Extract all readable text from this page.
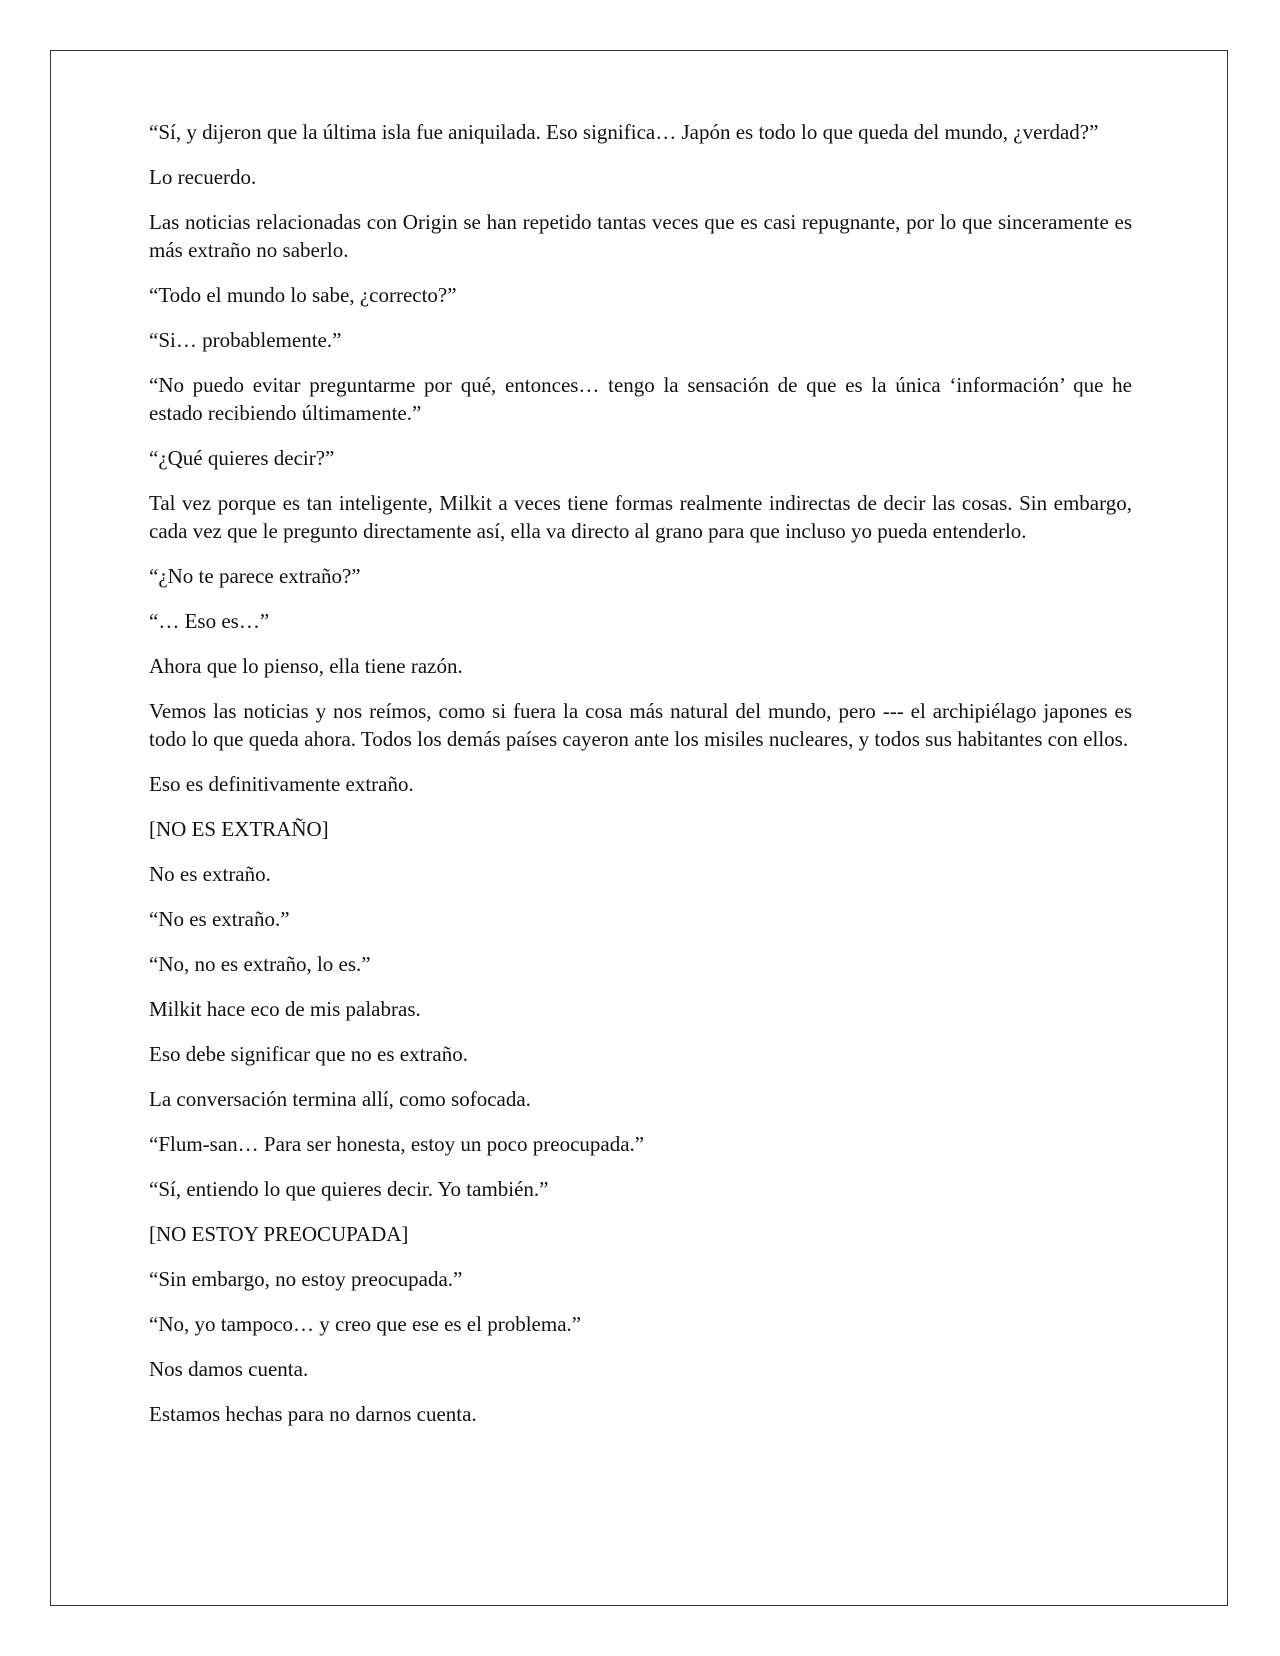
“Sí, y dijeron que la última isla fue aniquilada. Eso significa… Japón es todo lo que queda del mundo, ¿verdad?”

Lo recuerdo.

Las noticias relacionadas con Origin se han repetido tantas veces que es casi repugnante, por lo que sinceramente es más extraño no saberlo.

“Todo el mundo lo sabe, ¿correcto?”

“Si… probablemente.”

“No puedo evitar preguntarme por qué, entonces… tengo la sensación de que es la única ‘información’ que he estado recibiendo últimamente.”

“¿Qué quieres decir?”

Tal vez porque es tan inteligente, Milkit a veces tiene formas realmente indirectas de decir las cosas. Sin embargo, cada vez que le pregunto directamente así, ella va directo al grano para que incluso yo pueda entenderlo.

“¿No te parece extraño?”

“… Eso es…”

Ahora que lo pienso, ella tiene razón.

Vemos las noticias y nos reímos, como si fuera la cosa más natural del mundo, pero --- el archipiélago japones es todo lo que queda ahora. Todos los demás países cayeron ante los misiles nucleares, y todos sus habitantes con ellos.

Eso es definitivamente extraño.

[NO ES EXTRAÑO]

No es extraño.

“No es extraño.”

“No, no es extraño, lo es.”

Milkit hace eco de mis palabras.

Eso debe significar que no es extraño.

La conversación termina allí, como sofocada.

“Flum-san… Para ser honesta, estoy un poco preocupada.”

“Sí, entiendo lo que quieres decir. Yo también.”

[NO ESTOY PREOCUPADA]

“Sin embargo, no estoy preocupada.”

“No, yo tampoco… y creo que ese es el problema.”

Nos damos cuenta.

Estamos hechas para no darnos cuenta.
